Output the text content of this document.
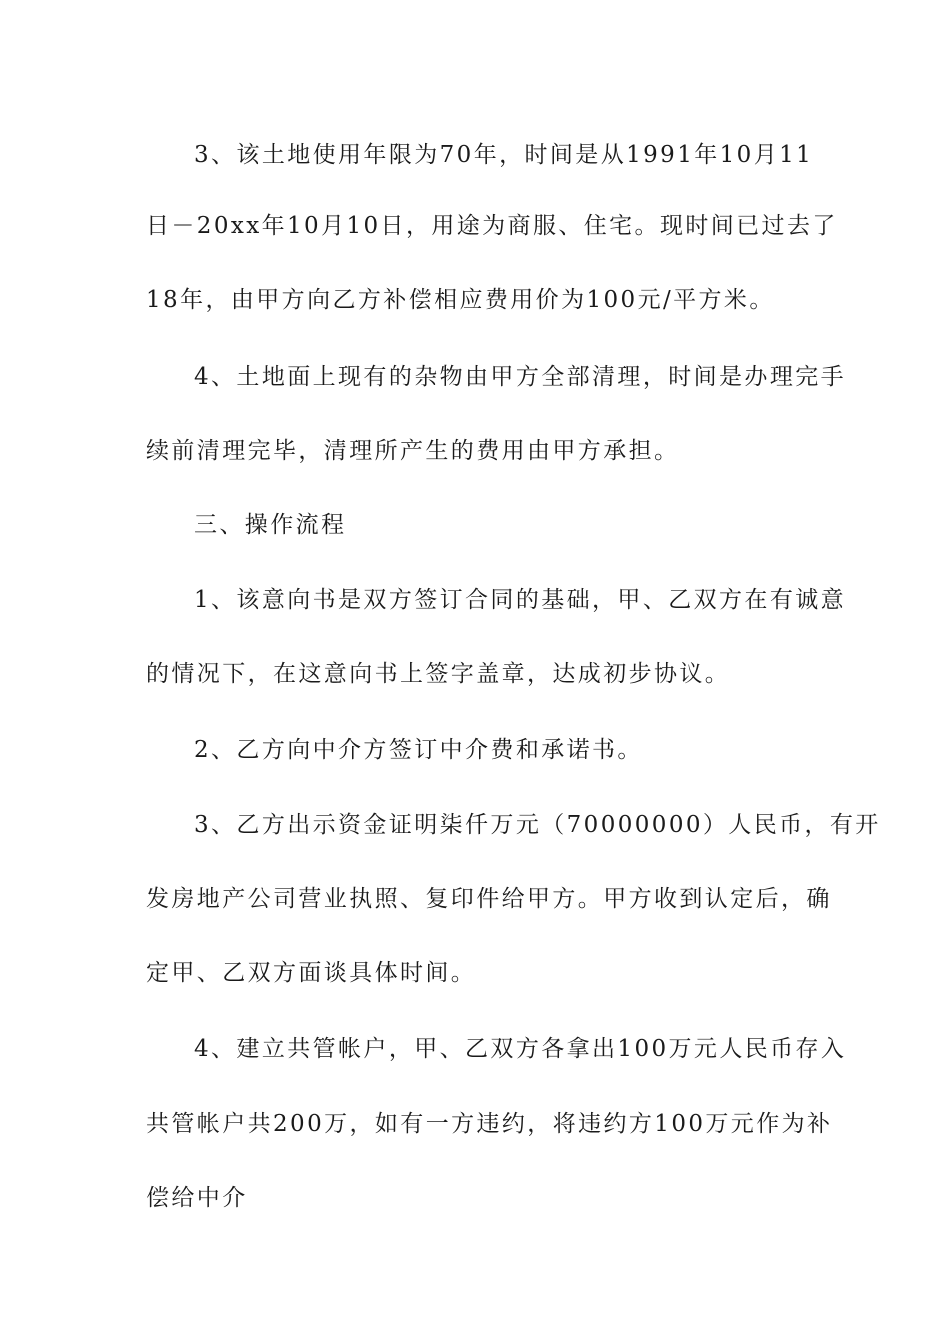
3、该土地使用年限为70年，时间是从1991年10月11
日－20xx年10月10日，用途为商服、住宅。现时间已过去了
18年，由甲方向乙方补偿相应费用价为100元/平方米。
4、土地面上现有的杂物由甲方全部清理，时间是办理完手
续前清理完毕，清理所产生的费用由甲方承担。
三、操作流程
1、该意向书是双方签订合同的基础，甲、乙双方在有诚意
的情况下，在这意向书上签字盖章，达成初步协议。
2、乙方向中介方签订中介费和承诺书。
3、乙方出示资金证明柒仟万元（70000000）人民币，有开
发房地产公司营业执照、复印件给甲方。甲方收到认定后，确
定甲、乙双方面谈具体时间。
4、建立共管帐户，甲、乙双方各拿出100万元人民币存入
共管帐户共200万，如有一方违约，将违约方100万元作为补
偿给中介
